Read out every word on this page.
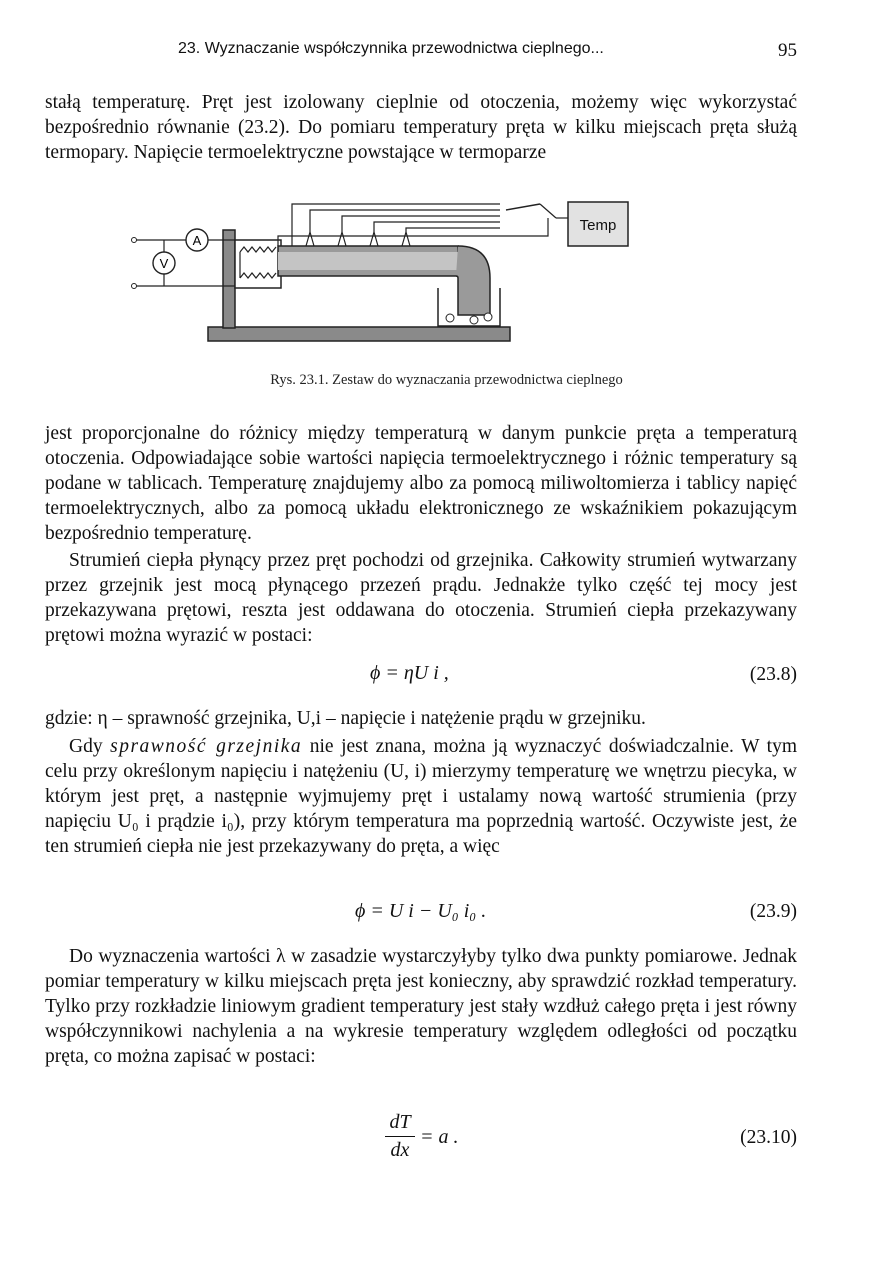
23. Wyznaczanie współczynnika przewodnictwa cieplnego...	95

stałą temperaturę. Pręt jest izolowany cieplnie od otoczenia, możemy więc wykorzystać bezpośrednio równanie (23.2). Do pomiaru temperatury pręta w kilku miejscach pręta służą termopary. Napięcie termoelektryczne powstające w termoparze

Temp
A
V
Rys. 23.1. Zestaw do wyznaczania przewodnictwa cieplnego

jest proporcjonalne do różnicy między temperaturą w danym punkcie pręta a temperaturą otoczenia. Odpowiadające sobie wartości napięcia termoelektrycznego i różnic temperatury są podane w tablicach. Temperaturę znajdujemy albo za pomocą miliwoltomierza i tablicy napięć termoelektrycznych, albo za pomocą układu elektronicznego ze wskaźnikiem pokazującym bezpośrednio temperaturę.

Strumień ciepła płynący przez pręt pochodzi od grzejnika. Całkowity strumień wytwarzany przez grzejnik jest mocą płynącego przezeń prądu. Jednakże tylko część tej mocy jest przekazywana prętowi, reszta jest oddawana do otoczenia. Strumień ciepła przekazywany prętowi można wyrazić w postaci:

ϕ = ηU i ,	(23.8)

gdzie: η – sprawność grzejnika, U,i – napięcie i natężenie prądu w grzejniku.

Gdy sprawność grzejnika nie jest znana, można ją wyznaczyć doświadczalnie. W tym celu przy określonym napięciu i natężeniu (U, i) mierzymy temperaturę we wnętrzu piecyka, w którym jest pręt, a następnie wyjmujemy pręt i ustalamy nową wartość strumienia (przy napięciu U₀ i prądzie i₀), przy którym temperatura ma poprzednią wartość. Oczywiste jest, że ten strumień ciepła nie jest przekazywany do pręta, a więc

ϕ = U i − U₀ i₀ .	(23.9)

Do wyznaczenia wartości λ w zasadzie wystarczyłyby tylko dwa punkty pomiarowe. Jednak pomiar temperatury w kilku miejscach pręta jest konieczny, aby sprawdzić rozkład temperatury. Tylko przy rozkładzie liniowym gradient temperatury jest stały wzdłuż całego pręta i jest równy współczynnikowi nachylenia a na wykresie temperatury względem odległości od początku pręta, co można zapisać w postaci:

$\frac{dT}{dx} = a$ .	(23.10)
